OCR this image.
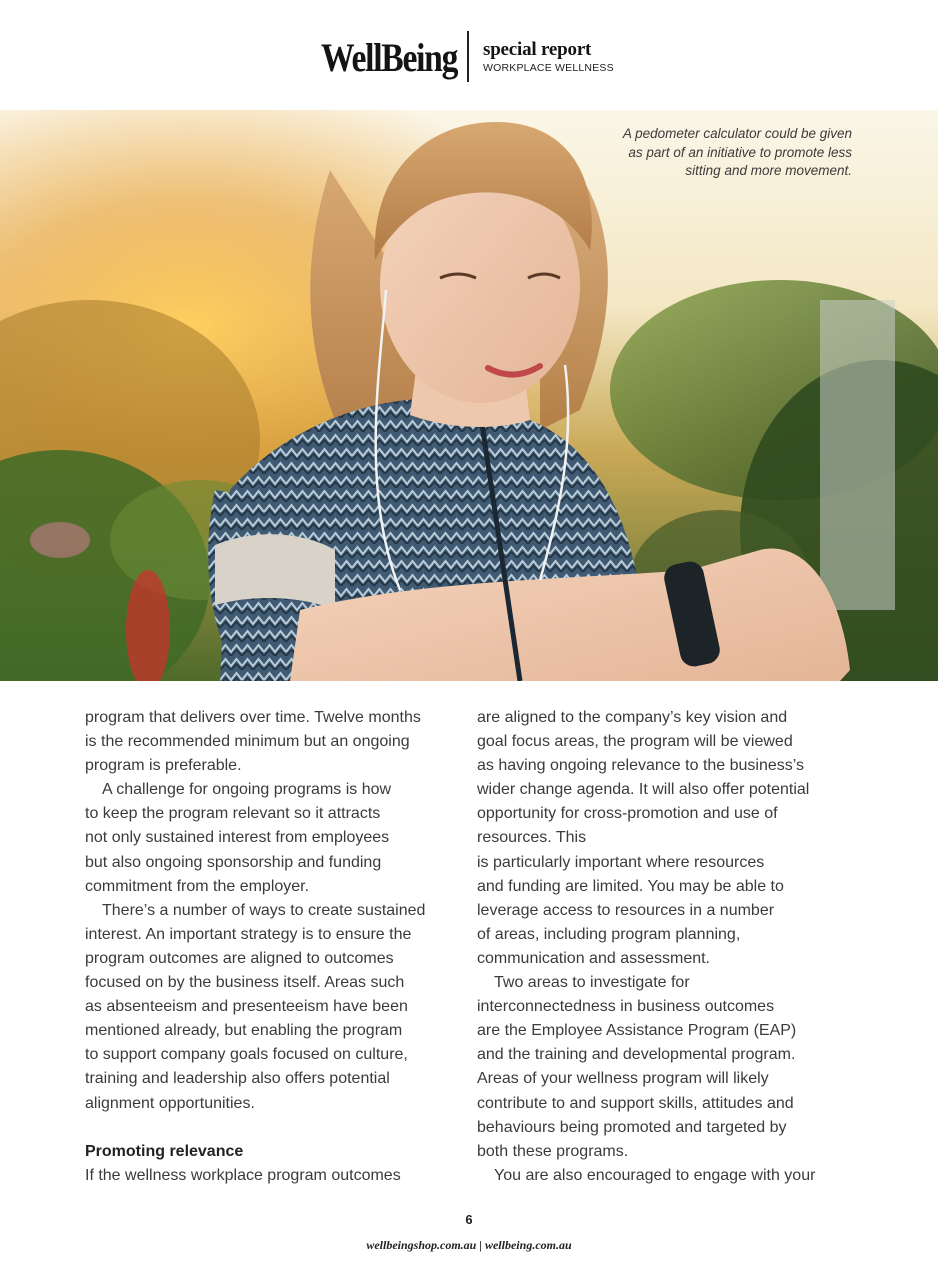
WellBeing special report
WORKPLACE WELLNESS
A pedometer calculator could be given as part of an initiative to promote less sitting and more movement.
program that delivers over time. Twelve months
is the recommended minimum but an ongoing
program is preferable.
A challenge for ongoing programs is how
to keep the program relevant so it attracts
not only sustained interest from employees
but also ongoing sponsorship and funding
commitment from the employer.
There’s a number of ways to create sustained
interest. An important strategy is to ensure the
program outcomes are aligned to outcomes
focused on by the business itself. Areas such
as absenteeism and presenteeism have been
mentioned already, but enabling the program
to support company goals focused on culture,
training and leadership also offers potential
alignment opportunities.
Promoting relevance
If the wellness workplace program outcomes
are aligned to the company’s key vision and
goal focus areas, the program will be viewed
as having ongoing relevance to the business’s
wider change agenda. It will also offer potential
opportunity for cross-promotion and use of
resources. This
is particularly important where resources
and funding are limited. You may be able to
leverage access to resources in a number
of areas, including program planning,
communication and assessment.
Two areas to investigate for
interconnectedness in business outcomes
are the Employee Assistance Program (EAP)
and the training and developmental program.
Areas of your wellness program will likely
contribute to and support skills, attitudes and
behaviours being promoted and targeted by
both these programs.
You are also encouraged to engage with your
6
wellbeingshop.com.au | wellbeing.com.au
